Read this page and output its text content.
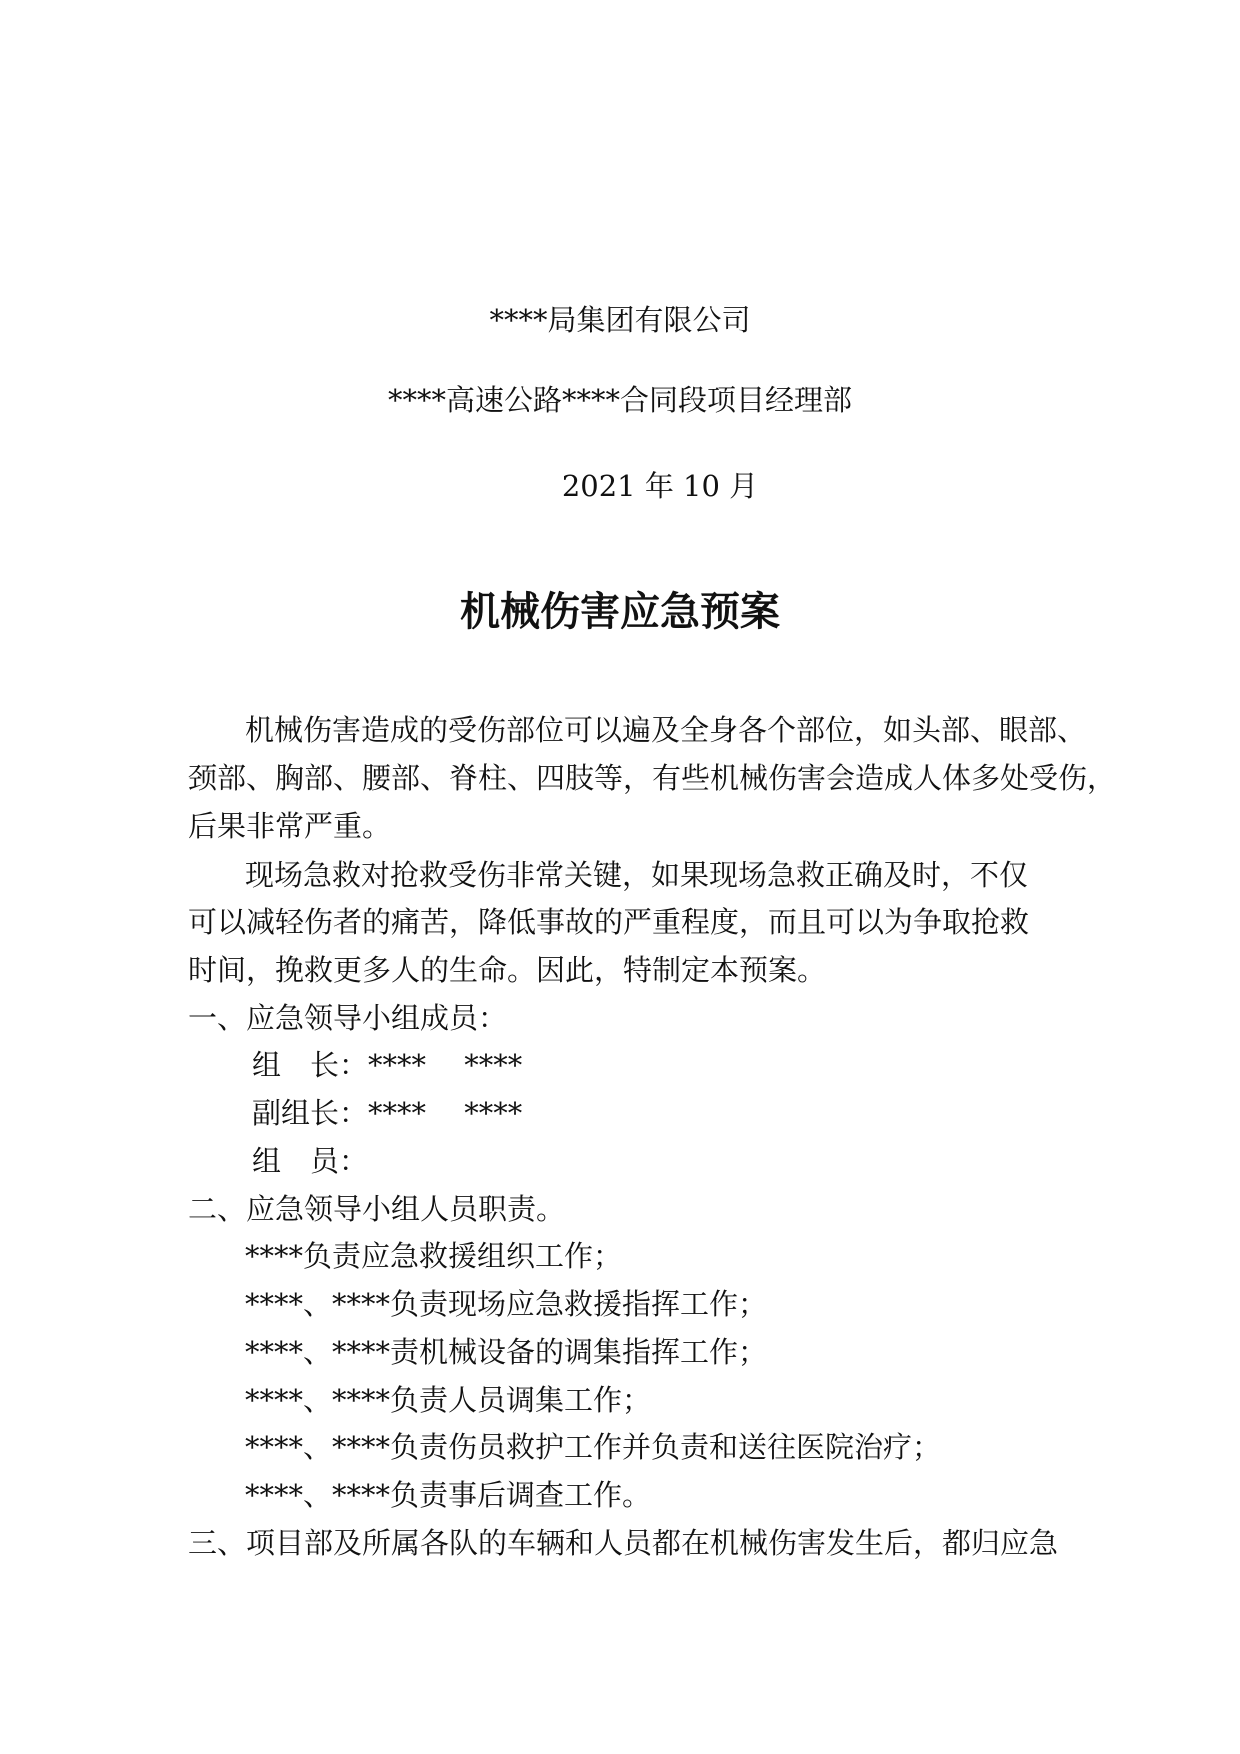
****局集团有限公司
****高速公路****合同段项目经理部
2021 年 10 月
机械伤害应急预案
机械伤害造成的受伤部位可以遍及全身各个部位，如头部、眼部、
颈部、胸部、腰部、脊柱、四肢等，有些机械伤害会造成人体多处受伤，
后果非常严重。
现场急救对抢救受伤非常关键，如果现场急救正确及时，不仅
可以减轻伤者的痛苦，降低事故的严重程度，而且可以为争取抢救
时间，挽救更多人的生命。因此，特制定本预案。
一、应急领导小组成员：
组　长：****　 ****
副组长：****　 ****
组　员：
二、应急领导小组人员职责。
****负责应急救援组织工作；
****、****负责现场应急救援指挥工作；
****、****责机械设备的调集指挥工作；
****、****负责人员调集工作；
****、****负责伤员救护工作并负责和送往医院治疗；
****、****负责事后调查工作。
三、项目部及所属各队的车辆和人员都在机械伤害发生后，都归应急
